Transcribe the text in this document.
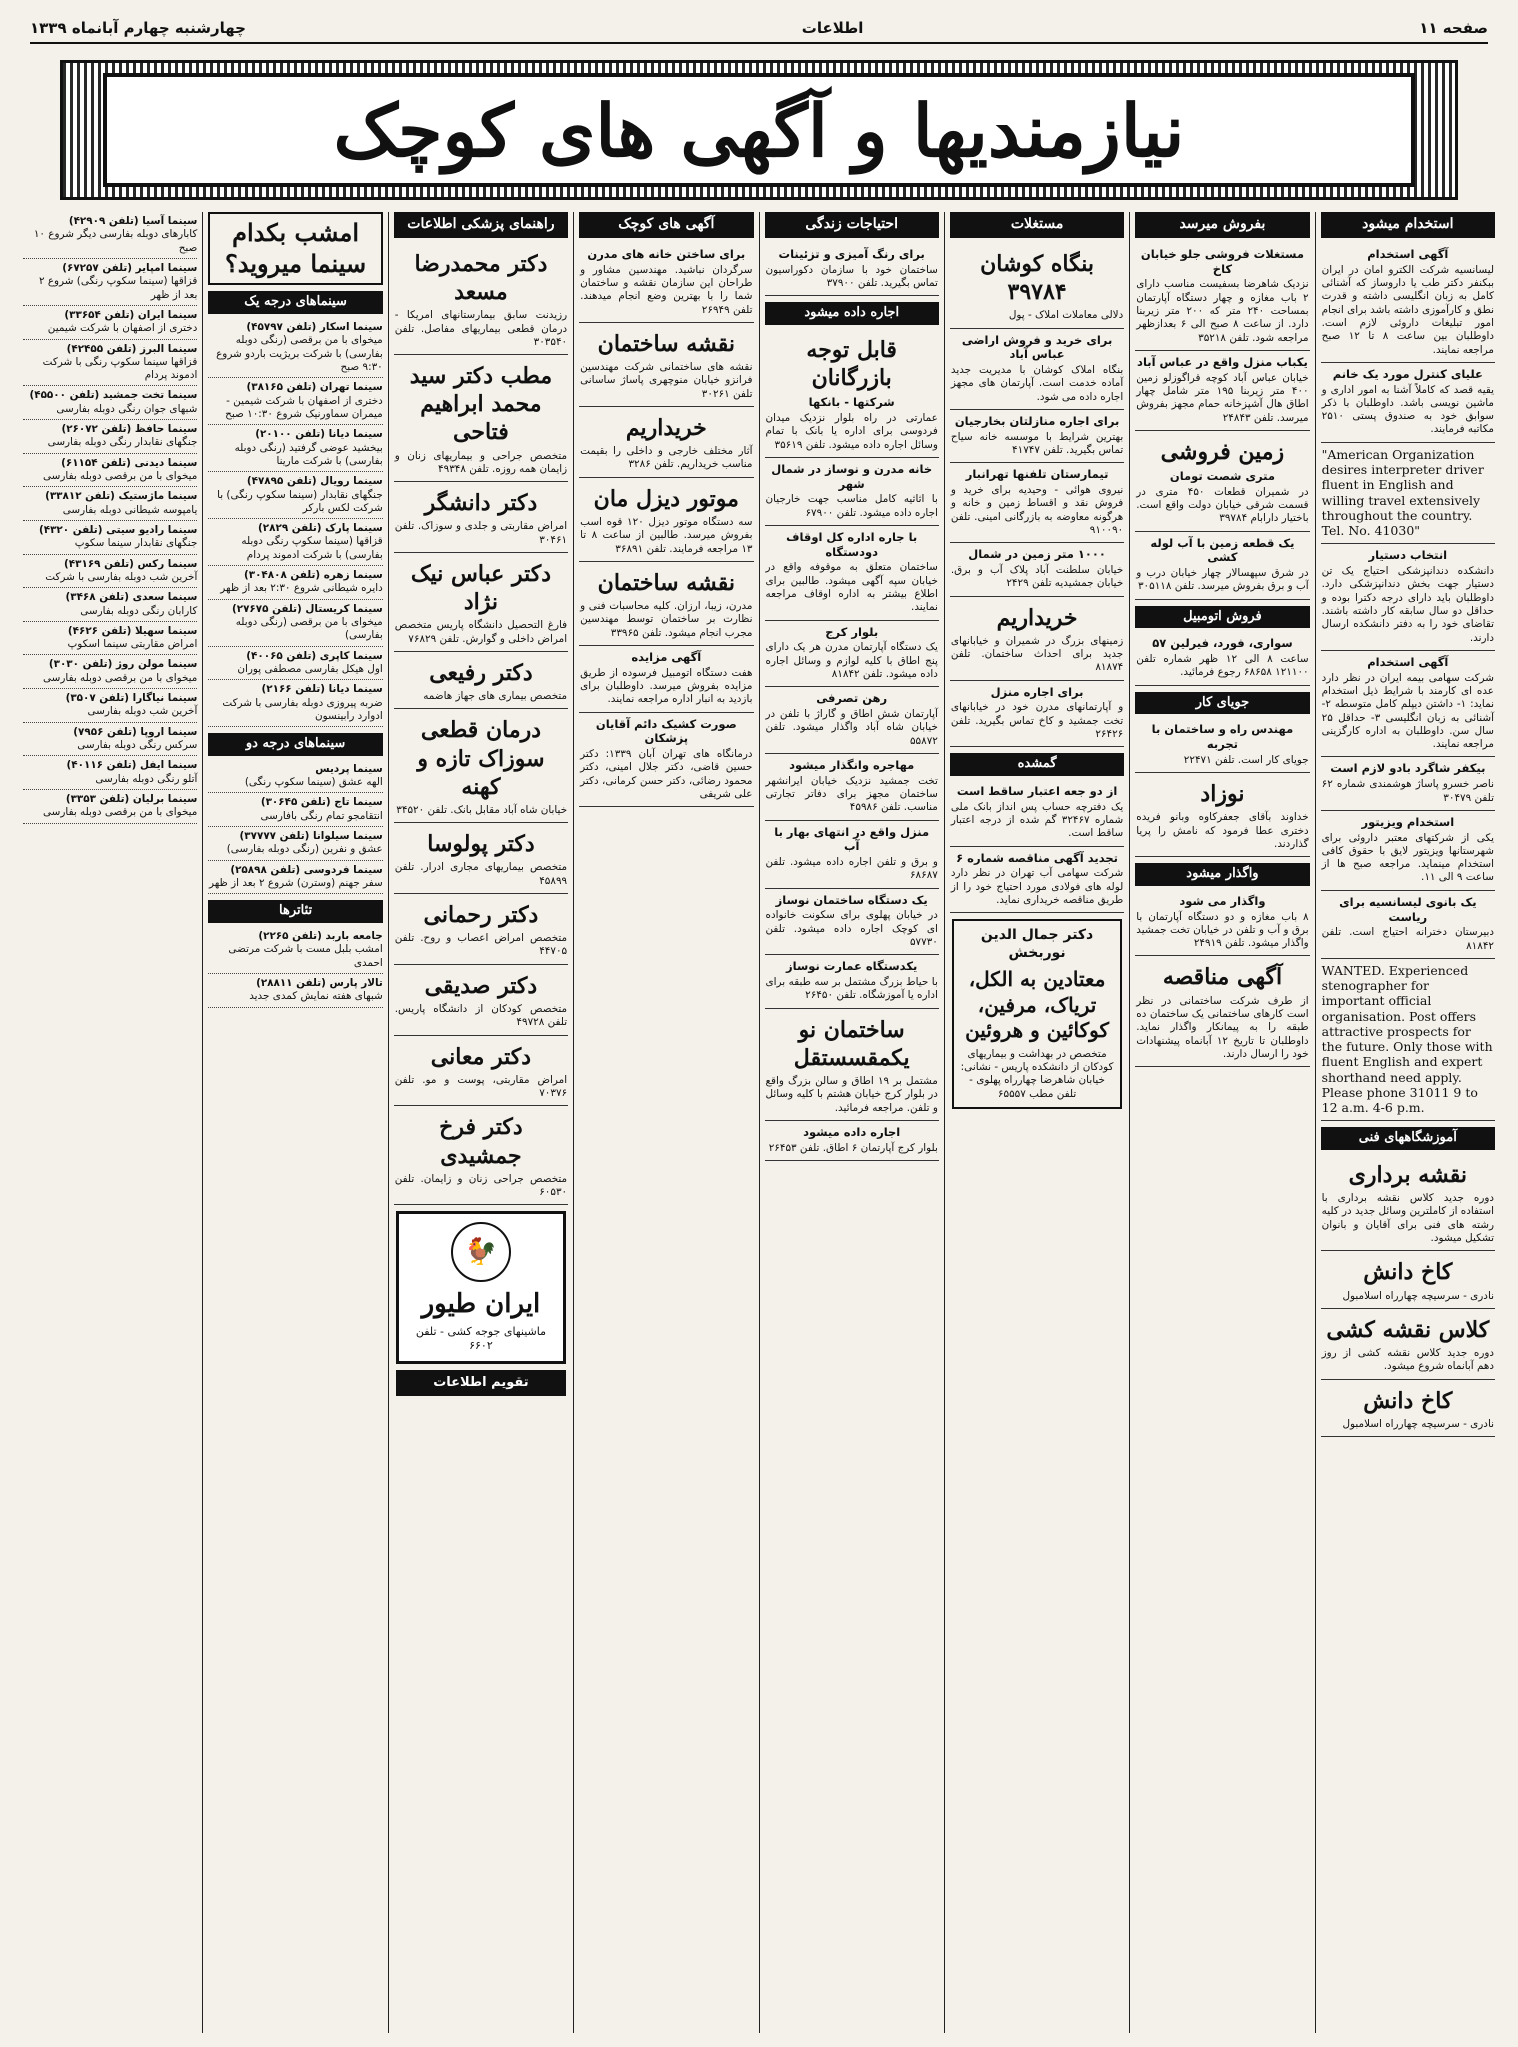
صفحه ۱۱
اطلاعات
چهارشنبه چهارم آبانماه ۱۳۳۹
نیازمندیها و آگهی های کوچک
استخدام میشود
آگهی استخدام
لیسانسیه شرکت الکترو امان در ایران ببکنفر دکتر طب یا داروساز که آشنائی کامل به زبان انگلیسی داشته و قدرت نطق و کارآموزی داشته باشد برای انجام امور تبلیغات داروئی لازم است. داوطلبان بین ساعت ۸ تا ۱۲ صبح مراجعه نمایند.
علیای کنترل مورد یک خانم
یقیه قصد که کاملاً آشنا به امور اداری و ماشین نویسی باشد. داوطلبان با ذکر سوابق خود به صندوق پستی ۲۵۱۰ مکاتبه فرمایند.
"American Organization desires interpreter driver fluent in English and willing travel extensively throughout the country. Tel. No. 41030"
انتخاب دستیار
دانشکده دندانپزشکی احتیاج یک تن دستیار جهت بخش دندانپزشکی دارد. داوطلبان باید دارای درجه دکترا بوده و حداقل دو سال سابقه کار داشته باشند. تقاضای خود را به دفتر دانشکده ارسال دارند.
آگهی استخدام
شرکت سهامی بیمه ایران در نظر دارد عده ای کارمند با شرایط ذیل استخدام نماید: ۱- داشتن دیپلم کامل متوسطه ۲- آشنائی به زبان انگلیسی ۳- حداقل ۲۵ سال سن. داوطلبان به اداره کارگزینی مراجعه نمایند.
بیکفر شاگرد بادو لازم است
ناصر خسرو پاساژ هوشمندی شماره ۶۲ تلفن ۳۰۴۷۹
استخدام ویزیتور
یکی از شرکتهای معتبر داروئی برای شهرستانها ویزیتور لایق با حقوق کافی استخدام مینماید. مراجعه صبح ها از ساعت ۹ الی ۱۱.
یک بانوی لیسانسیه برای ریاست
دبیرستان دخترانه احتیاج است. تلفن ۸۱۸۴۲
WANTED. Experienced stenographer for important official organisation. Post offers attractive prospects for the future. Only those with fluent English and expert shorthand need apply. Please phone 31011 9 to 12 a.m. 4-6 p.m.
آموزشگاههای فنی
نقشه برداری
دوره جدید کلاس نقشه برداری با استفاده از کاملترین وسائل جدید در کلیه رشته های فنی برای آقایان و بانوان تشکیل میشود.
کاخ دانش
نادری - سرسیچه چهارراه اسلامبول
کلاس نقشه کشی
دوره جدید کلاس نقشه کشی از روز دهم آبانماه شروع میشود.
کاخ دانش
نادری - سرسیچه چهارراه اسلامبول
بفروش میرسد
مستغلات فروشی جلو خیابان کاخ
نزدیک شاهرضا بسفیست مناسب دارای ۲ باب مغازه و چهار دستگاه آپارتمان بمساحت ۲۴۰ متر که ۲۰۰ متر زیربنا دارد. از ساعت ۸ صبح الی ۶ بعدازظهر مراجعه شود. تلفن ۳۵۲۱۸
یکباب منزل واقع در عباس آباد
خیابان عباس آباد کوچه قراگوزلو زمین ۴۰۰ متر زیربنا ۱۹۵ متر شامل چهار اطاق هال آشپزخانه حمام مجهز بفروش میرسد. تلفن ۲۴۸۴۳
زمین فروشی
متری شصت تومان
در شمیران قطعات ۴۵۰ متری در قسمت شرقی خیابان دولت واقع است. باختیار دارابام ۳۹۷۸۴
یک قطعه زمین با آب لوله کشی
در شرق سپهسالار چهار خیابان درب و آب و برق بفروش میرسد. تلفن ۳۰۵۱۱۸
فروش اتومبیل
سواری، فورد، فیرلین ۵۷
ساعت ۸ الی ۱۲ ظهر شماره تلفن ۱۲۱۱۰۰ ۶۸۶۵۸ رجوع فرمائید.
جویای کار
مهندس راه و ساختمان با تجربه
جویای کار است. تلفن ۲۲۴۷۱
نوزاد
خداوند بآقای جعفرکاوه وبانو فریده دختری عطا فرمود که نامش را پریا گذاردند.
واگذار میشود
واگذار می شود
۸ باب مغازه و دو دستگاه آپارتمان با برق و آب و تلفن در خیابان تخت جمشید واگذار میشود. تلفن ۲۴۹۱۹
آگهی مناقصه
از طرف شرکت ساختمانی در نظر است کارهای ساختمانی یک ساختمان ده طبقه را به پیمانکار واگذار نماید. داوطلبان تا تاریخ ۱۲ آبانماه پیشنهادات خود را ارسال دارند.
مستغلات
بنگاه کوشان ۳۹۷۸۴
دلالی معاملات املاک - پول
برای خرید و فروش اراضی عباس آباد
بنگاه املاک کوشان با مدیریت جدید آماده خدمت است. آپارتمان های مجهز اجاره داده می شود.
برای اجاره منازلتان بخارجیان
بهترین شرایط با موسسه خانه سیاح تماس بگیرید. تلفن ۴۱۷۴۷
تیمارستان تلفنها تهرانبار
نیروی هوائی - وحیدیه برای خرید و فروش نقد و اقساط زمین و خانه و هرگونه معاوضه به بازرگانی امینی. تلفن ۹۱۰۰۹۰
۱۰۰۰ متر زمین در شمال
خیابان سلطنت آباد پلاک آب و برق. خیابان جمشیدیه تلفن ۲۴۲۹
خریداریم
زمینهای بزرگ در شمیران و خیابانهای جدید برای احداث ساختمان. تلفن ۸۱۸۷۴
برای اجاره منزل
و آپارتمانهای مدرن خود در خیابانهای تخت جمشید و کاخ تماس بگیرید. تلفن ۲۶۴۲۶
گمشده
از دو جعه اعتبار ساقط است
یک دفترچه حساب پس انداز بانک ملی شماره ۳۲۴۶۷ گم شده از درجه اعتبار ساقط است.
تجدید آگهی مناقصه شماره ۶
شرکت سهامی آب تهران در نظر دارد لوله های فولادی مورد احتیاج خود را از طریق مناقصه خریداری نماید.
دکتر جمال الدین نوربخش
معتادین به الکل، تریاک، مرفین، کوکائین و هروئین
متخصص در بهداشت و بیماریهای کودکان از دانشکده پاریس - نشانی: خیابان شاهرضا چهارراه پهلوی - تلفن مطب ۶۵۵۵۷
احتیاجات زندگی
برای رنگ آمیزی و تزئینات
ساختمان خود با سازمان دکوراسیون تماس بگیرید. تلفن ۳۷۹۰۰
اجاره داده میشود
قابل توجه بازرگانان
شرکتها - بانکها
عمارتی در راه بلوار نزدیک میدان فردوسی برای اداره یا بانک با تمام وسائل اجاره داده میشود. تلفن ۳۵۶۱۹
خانه مدرن و نوساز در شمال شهر
با اثاثیه کامل مناسب جهت خارجیان اجاره داده میشود. تلفن ۶۷۹۰۰
با جاره اداره کل اوقاف دودستگاه
ساختمان متعلق به موقوفه واقع در خیابان سپه آگهی میشود. طالبین برای اطلاع بیشتر به اداره اوقاف مراجعه نمایند.
بلوار کرج
یک دستگاه آپارتمان مدرن هر یک دارای پنج اطاق با کلیه لوازم و وسائل اجاره داده میشود. تلفن ۸۱۸۴۲
رهن تصرفی
آپارتمان شش اطاق و گاراژ با تلفن در خیابان شاه آباد واگذار میشود. تلفن ۵۵۸۷۲
مهاجره وانگذار میشود
تخت جمشید نزدیک خیابان ایرانشهر ساختمان مجهز برای دفاتر تجارتی مناسب. تلفن ۴۵۹۸۶
منزل واقع در انتهای بهار با آب
و برق و تلفن اجاره داده میشود. تلفن ۶۸۶۸۷
یک دستگاه ساختمان نوساز
در خیابان پهلوی برای سکونت خانواده ای کوچک اجاره داده میشود. تلفن ۵۷۷۳۰
یکدستگاه عمارت نوساز
با حیاط بزرگ مشتمل بر سه طبقه برای اداره یا آموزشگاه. تلفن ۲۶۴۵۰
ساختمان نو یکمقسستقل
مشتمل بر ۱۹ اطاق و سالن بزرگ واقع در بلوار کرج خیابان هشتم با کلیه وسائل و تلفن. مراجعه فرمائید.
اجاره داده میشود
بلوار کرج آپارتمان ۶ اطاق. تلفن ۲۶۴۵۳
آگهی های کوچک
برای ساختن خانه های مدرن
سرگردان نباشید. مهندسین مشاور و طراحان این سازمان نقشه و ساختمان شما را با بهترین وضع انجام میدهند. تلفن ۲۶۹۴۹
نقشه ساختمان
نقشه های ساختمانی شرکت مهندسین فرانزو خیابان منوچهری پاساژ ساسانی تلفن ۳۰۲۶۱
خریداریم
آثار مختلف خارجی و داخلی را بقیمت مناسب خریداریم. تلفن ۳۲۸۶
موتور دیزل مان
سه دستگاه موتور دیزل ۱۲۰ قوه اسب بفروش میرسد. طالبین از ساعت ۸ تا ۱۳ مراجعه فرمایند. تلفن ۳۶۸۹۱
نقشه ساختمان
مدرن، زیبا، ارزان. کلیه محاسبات فنی و نظارت بر ساختمان توسط مهندسین مجرب انجام میشود. تلفن ۳۳۹۶۵
آگهی مزایده
هفت دستگاه اتومبیل فرسوده از طریق مزایده بفروش میرسد. داوطلبان برای بازدید به انبار اداره مراجعه نمایند.
صورت کشیک دائم آقایان پزشکان
درمانگاه های تهران آبان ۱۳۳۹: دکتر حسین قاضی، دکتر جلال امینی، دکتر محمود رضائی، دکتر حسن کرمانی، دکتر علی شریفی
راهنمای پزشکی اطلاعات
دکتر محمدرضا مسعد
رزیدنت سابق بیمارستانهای امریکا - درمان قطعی بیماریهای مفاصل. تلفن ۳۰۳۵۴۰
مطب دکتر سید محمد ابراهیم فتاحی
متخصص جراحی و بیماریهای زنان و زایمان همه روزه. تلفن ۴۹۳۴۸
دکتر دانشگر
امراض مقاربتی و جلدی و سوزاک. تلفن ۳۰۴۶۱
دکتر عباس نیک نژاد
فارغ التحصیل دانشگاه پاریس متخصص امراض داخلی و گوارش. تلفن ۷۶۸۲۹
دکتر رفیعی
متخصص بیماری های جهاز هاضمه
درمان قطعی سوزاک تازه و کهنه
خیابان شاه آباد مقابل بانک. تلفن ۳۴۵۲۰
دکتر پولوسا
متخصص بیماریهای مجاری ادرار. تلفن ۴۵۸۹۹
دکتر رحمانی
متخصص امراض اعصاب و روح. تلفن ۴۴۷۰۵
دکتر صدیقی
متخصص کودکان از دانشگاه پاریس. تلفن ۴۹۷۲۸
دکتر معانی
امراض مقاربتی، پوست و مو. تلفن ۷۰۳۷۶
دکتر فرخ جمشیدی
متخصص جراحی زنان و زایمان. تلفن ۶۰۵۳۰
🐓
ایران طیور
ماشینهای جوجه کشی - تلفن ۶۶۰۲
تقویم اطلاعات
امشب بکدام سینما میروید؟
سینماهای درجه یک
سینما اسکار (تلفن ۴۵۷۹۷)
میخوای با من برقصی (رنگی دوبله بفارسی) با شرکت بریژیت باردو شروع ۹:۳۰ صبح
سینما تهران (تلفن ۳۸۱۶۵)
دختری از اصفهان با شرکت شیمین - میمران سماورنیک شروع ۱۰:۳۰ صبح
سینما دیانا (تلفن ۲۰۱۰۰)
بیخشید عوضی گرفتید (رنگی دوبله بفارسی) با شرکت مارینا
سینما رویال (تلفن ۴۷۸۹۵)
جنگهای نقابدار (سینما سکوپ رنگی) با شرکت لکس بارکر
سینما پارک (تلفن ۲۸۲۹)
قزاقها (سینما سکوپ رنگی دوبله بفارسی) با شرکت ادموند پردام
سینما زهره (تلفن ۳۰۴۸۰۸)
دایره شیطانی شروع ۲:۳۰ بعد از ظهر
سینما کریستال (تلفن ۲۷۶۷۵)
میخوای با من برقصی (رنگی دوبله بفارسی)
سینما کاپری (تلفن ۴۰۰۶۵)
اول هیکل بفارسی مصطفی پوران
سینما دیانا (تلفن ۲۱۶۶)
ضربه پیروزی دوبله بفارسی با شرکت ادوارد رابینسون
سینماهای درجه دو
سینما پردیس
الهه عشق (سینما سکوپ رنگی)
سینما تاج (تلفن ۳۰۶۴۵)
انتقامجو تمام رنگی بافارسی
سینما سیلوانا (تلفن ۳۷۷۷۷)
عشق و نفرین (رنگی دوبله بفارسی)
سینما فردوسی (تلفن ۲۵۸۹۸)
سفر جهنم (وسترن) شروع ۲ بعد از ظهر
تئاترها
جامعه باربد (تلفن ۲۲۶۵)
امشب بلبل مست با شرکت مرتضی احمدی
تالار پارس (تلفن ۲۸۸۱۱)
شبهای هفته نمایش کمدی جدید
سینما آسیا (تلفن ۴۲۹۰۹)
کابارهای دوبله بفارسی دیگر شروع ۱۰ صبح
سینما امپایر (تلفن ۶۷۲۵۷)
قزاقها (سینما سکوپ رنگی) شروع ۲ بعد از ظهر
سینما ایران (تلفن ۳۳۶۵۴)
دختری از اصفهان با شرکت شیمین
سینما البرز (تلفن ۴۲۴۵۵)
قزاقها سینما سکوپ رنگی با شرکت ادموند پردام
سینما تخت جمشید (تلفن ۴۵۵۰۰)
شبهای جوان رنگی دوبله بفارسی
سینما حافظ (تلفن ۲۶۰۷۲)
جنگهای نقابدار رنگی دوبله بفارسی
سینما دیدنی (تلفن ۶۱۱۵۴)
میخوای با من برقصی دوبله بفارسی
سینما ماژستیک (تلفن ۳۳۸۱۲)
یامپوسه شیطانی دوبله بفارسی
سینما رادیو سیتی (تلفن ۴۳۲۰)
جنگهای نقابدار سینما سکوپ
سینما رکس (تلفن ۴۳۱۶۹)
آخرین شب دوبله بفارسی با شرکت
سینما سعدی (تلفن ۳۴۶۸)
کارابان رنگی دوبله بفارسی
سینما سهیلا (تلفن ۴۶۲۶)
امراض مقاربتی سینما اسکوپ
سینما مولن روژ (تلفن ۳۰۳۰)
میخوای با من برقصی دوبله بفارسی
سینما نیاگارا (تلفن ۳۵۰۷)
آخرین شب دوبله بفارسی
سینما اروپا (تلفن ۷۹۵۶)
سرکس رنگی دوبله بفارسی
سینما ایفل (تلفن ۴۰۱۱۶)
آتلو رنگی دوبله بفارسی
سینما برلیان (تلفن ۳۳۵۳)
میخوای با من برقصی دوبله بفارسی
